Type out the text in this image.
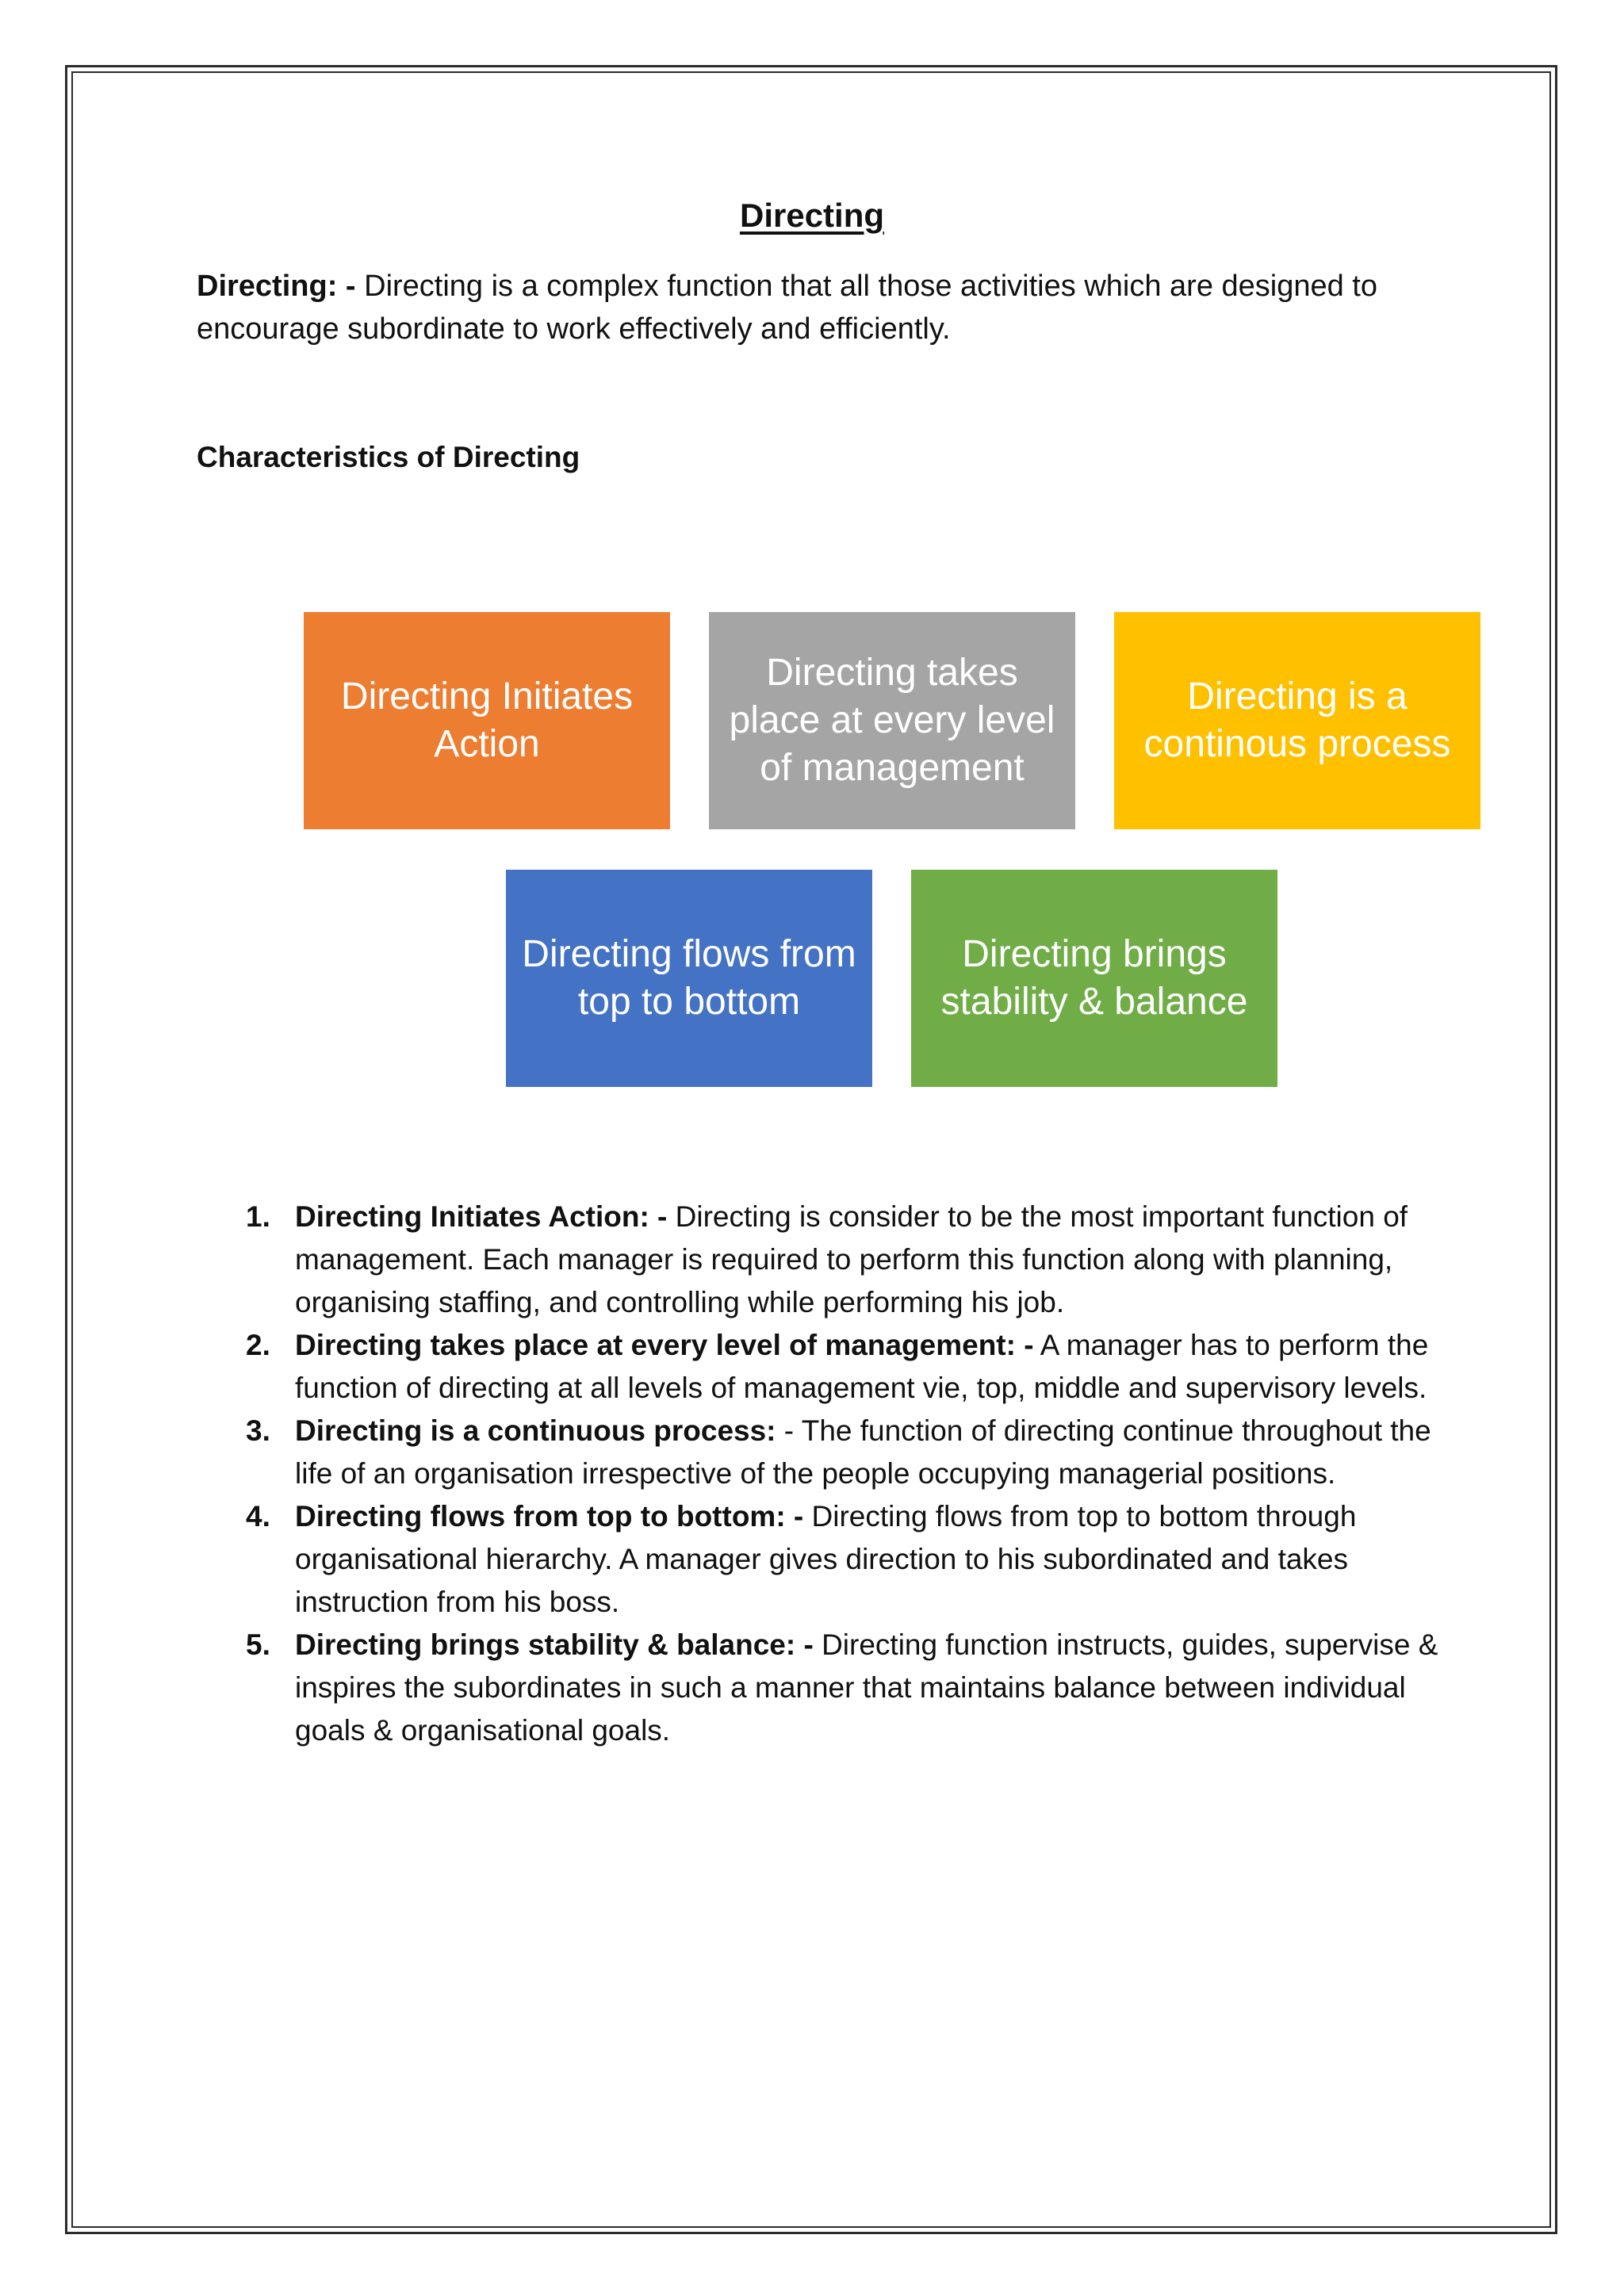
Directing

Directing: - Directing is a complex function that all those activities which are designed to encourage subordinate to work effectively and efficiently.

Characteristics of Directing
Directing Initiates Action
Directing takes place at every level of management
Directing is a continous process
Directing flows from top to bottom
Directing brings stability & balance
1. Directing Initiates Action: - Directing is consider to be the most important function of management. Each manager is required to perform this function along with planning, organising staffing, and controlling while performing his job.
2. Directing takes place at every level of management: - A manager has to perform the function of directing at all levels of management vie, top, middle and supervisory levels.
3. Directing is a continuous process: - The function of directing continue throughout the life of an organisation irrespective of the people occupying managerial positions.
4. Directing flows from top to bottom: - Directing flows from top to bottom through organisational hierarchy. A manager gives direction to his subordinated and takes instruction from his boss.
5. Directing brings stability & balance: - Directing function instructs, guides, supervise & inspires the subordinates in such a manner that maintains balance between individual goals & organisational goals.
